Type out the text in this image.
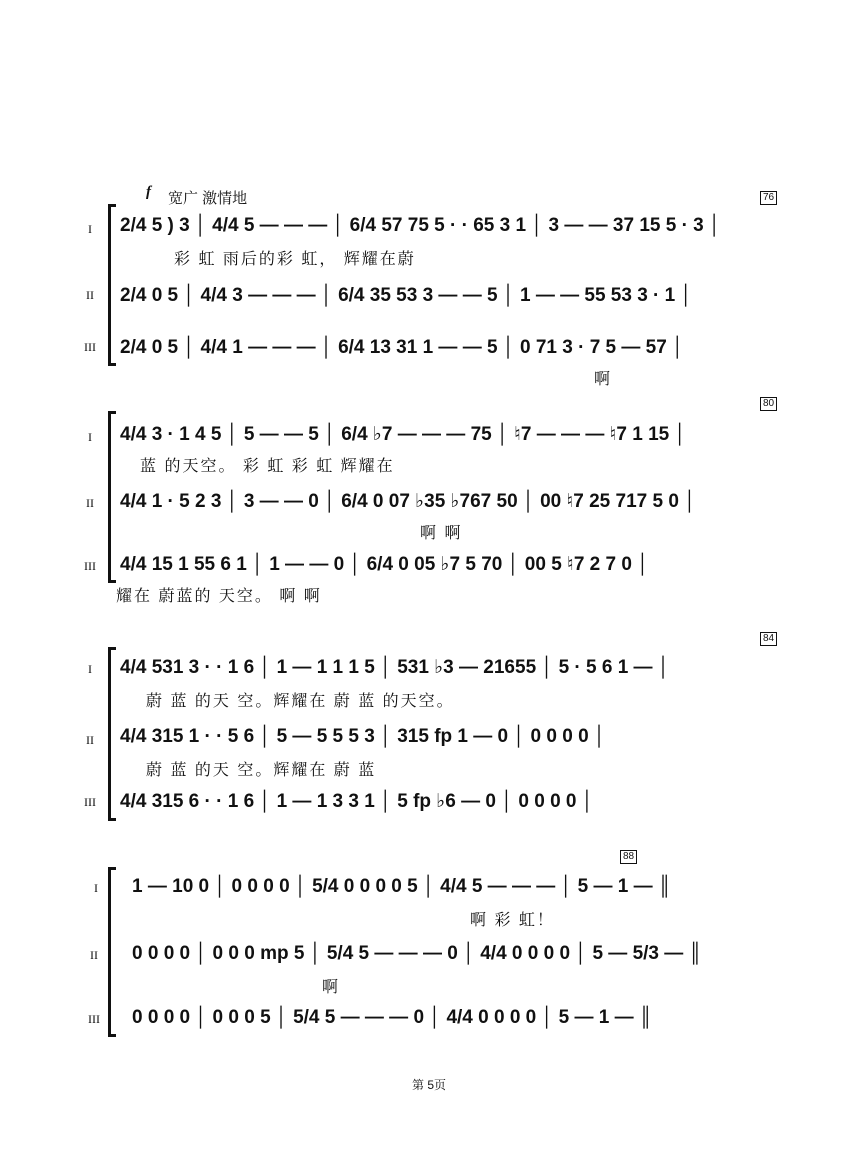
f 宽广 激情地	76
I
II
III
2/4 5 ) 3 │ 4/4 5 — — — │ 6/4 57 75 5 · · 65 3 1 │ 3 — — 37 15 5 · 3 │
彩 虹 雨后的彩 虹， 辉耀在蔚
2/4 0 5 │ 4/4 3 — — — │ 6/4 35 53 3 — — 5 │ 1 — — 55 53 3 · 1 │
2/4 0 5 │ 4/4 1 — — — │ 6/4 13 31 1 — — 5 │ 0 71 3 · 7 5 — 57 │
啊
80
I
II
III
4/4 3 · 1 4 5 │ 5 — — 5 │ 6/4 ♭7 — — — 75 │ ♮7 — — — ♮7 1 15 │
蓝 的天空。 彩 虹 彩 虹 辉耀在
4/4 1 · 5 2 3 │ 3 — — 0 │ 6/4 0 07 ♭35 ♭767 50 │ 00 ♮7 25 717 5 0 │
啊 啊
4/4 15 1 55 6 1 │ 1 — — 0 │ 6/4 0 05 ♭7 5 70 │ 00 5 ♮7 2 7 0 │
耀在 蔚蓝的 天空。 啊 啊
84
I
II
III
4/4 531 3 · · 1 6 │ 1 — 1 1 1 5 │ 531 ♭3 — 21655 │ 5 · 5 6 1 — │
蔚 蓝 的天 空。辉耀在 蔚 蓝 的天空。
4/4 315 1 · · 5 6 │ 5 — 5 5 5 3 │ 315 fp 1 — 0 │ 0 0 0 0 │
蔚 蓝 的天 空。辉耀在 蔚 蓝
4/4 315 6 · · 1 6 │ 1 — 1 3 3 1 │ 5 fp ♭6 — 0 │ 0 0 0 0 │
88
I
II
III
1 — 10 0 │ 0 0 0 0 │ 5/4 0 0 0 0 5 │ 4/4 5 — — — │ 5 — 1 — ║
啊 彩 虹！
0 0 0 0 │ 0 0 0 mp 5 │ 5/4 5 — — — 0 │ 4/4 0 0 0 0 │ 5 — 5/3 — ║
啊
0 0 0 0 │ 0 0 0 5 │ 5/4 5 — — — 0 │ 4/4 0 0 0 0 │ 5 — 1 — ║
第 5页
